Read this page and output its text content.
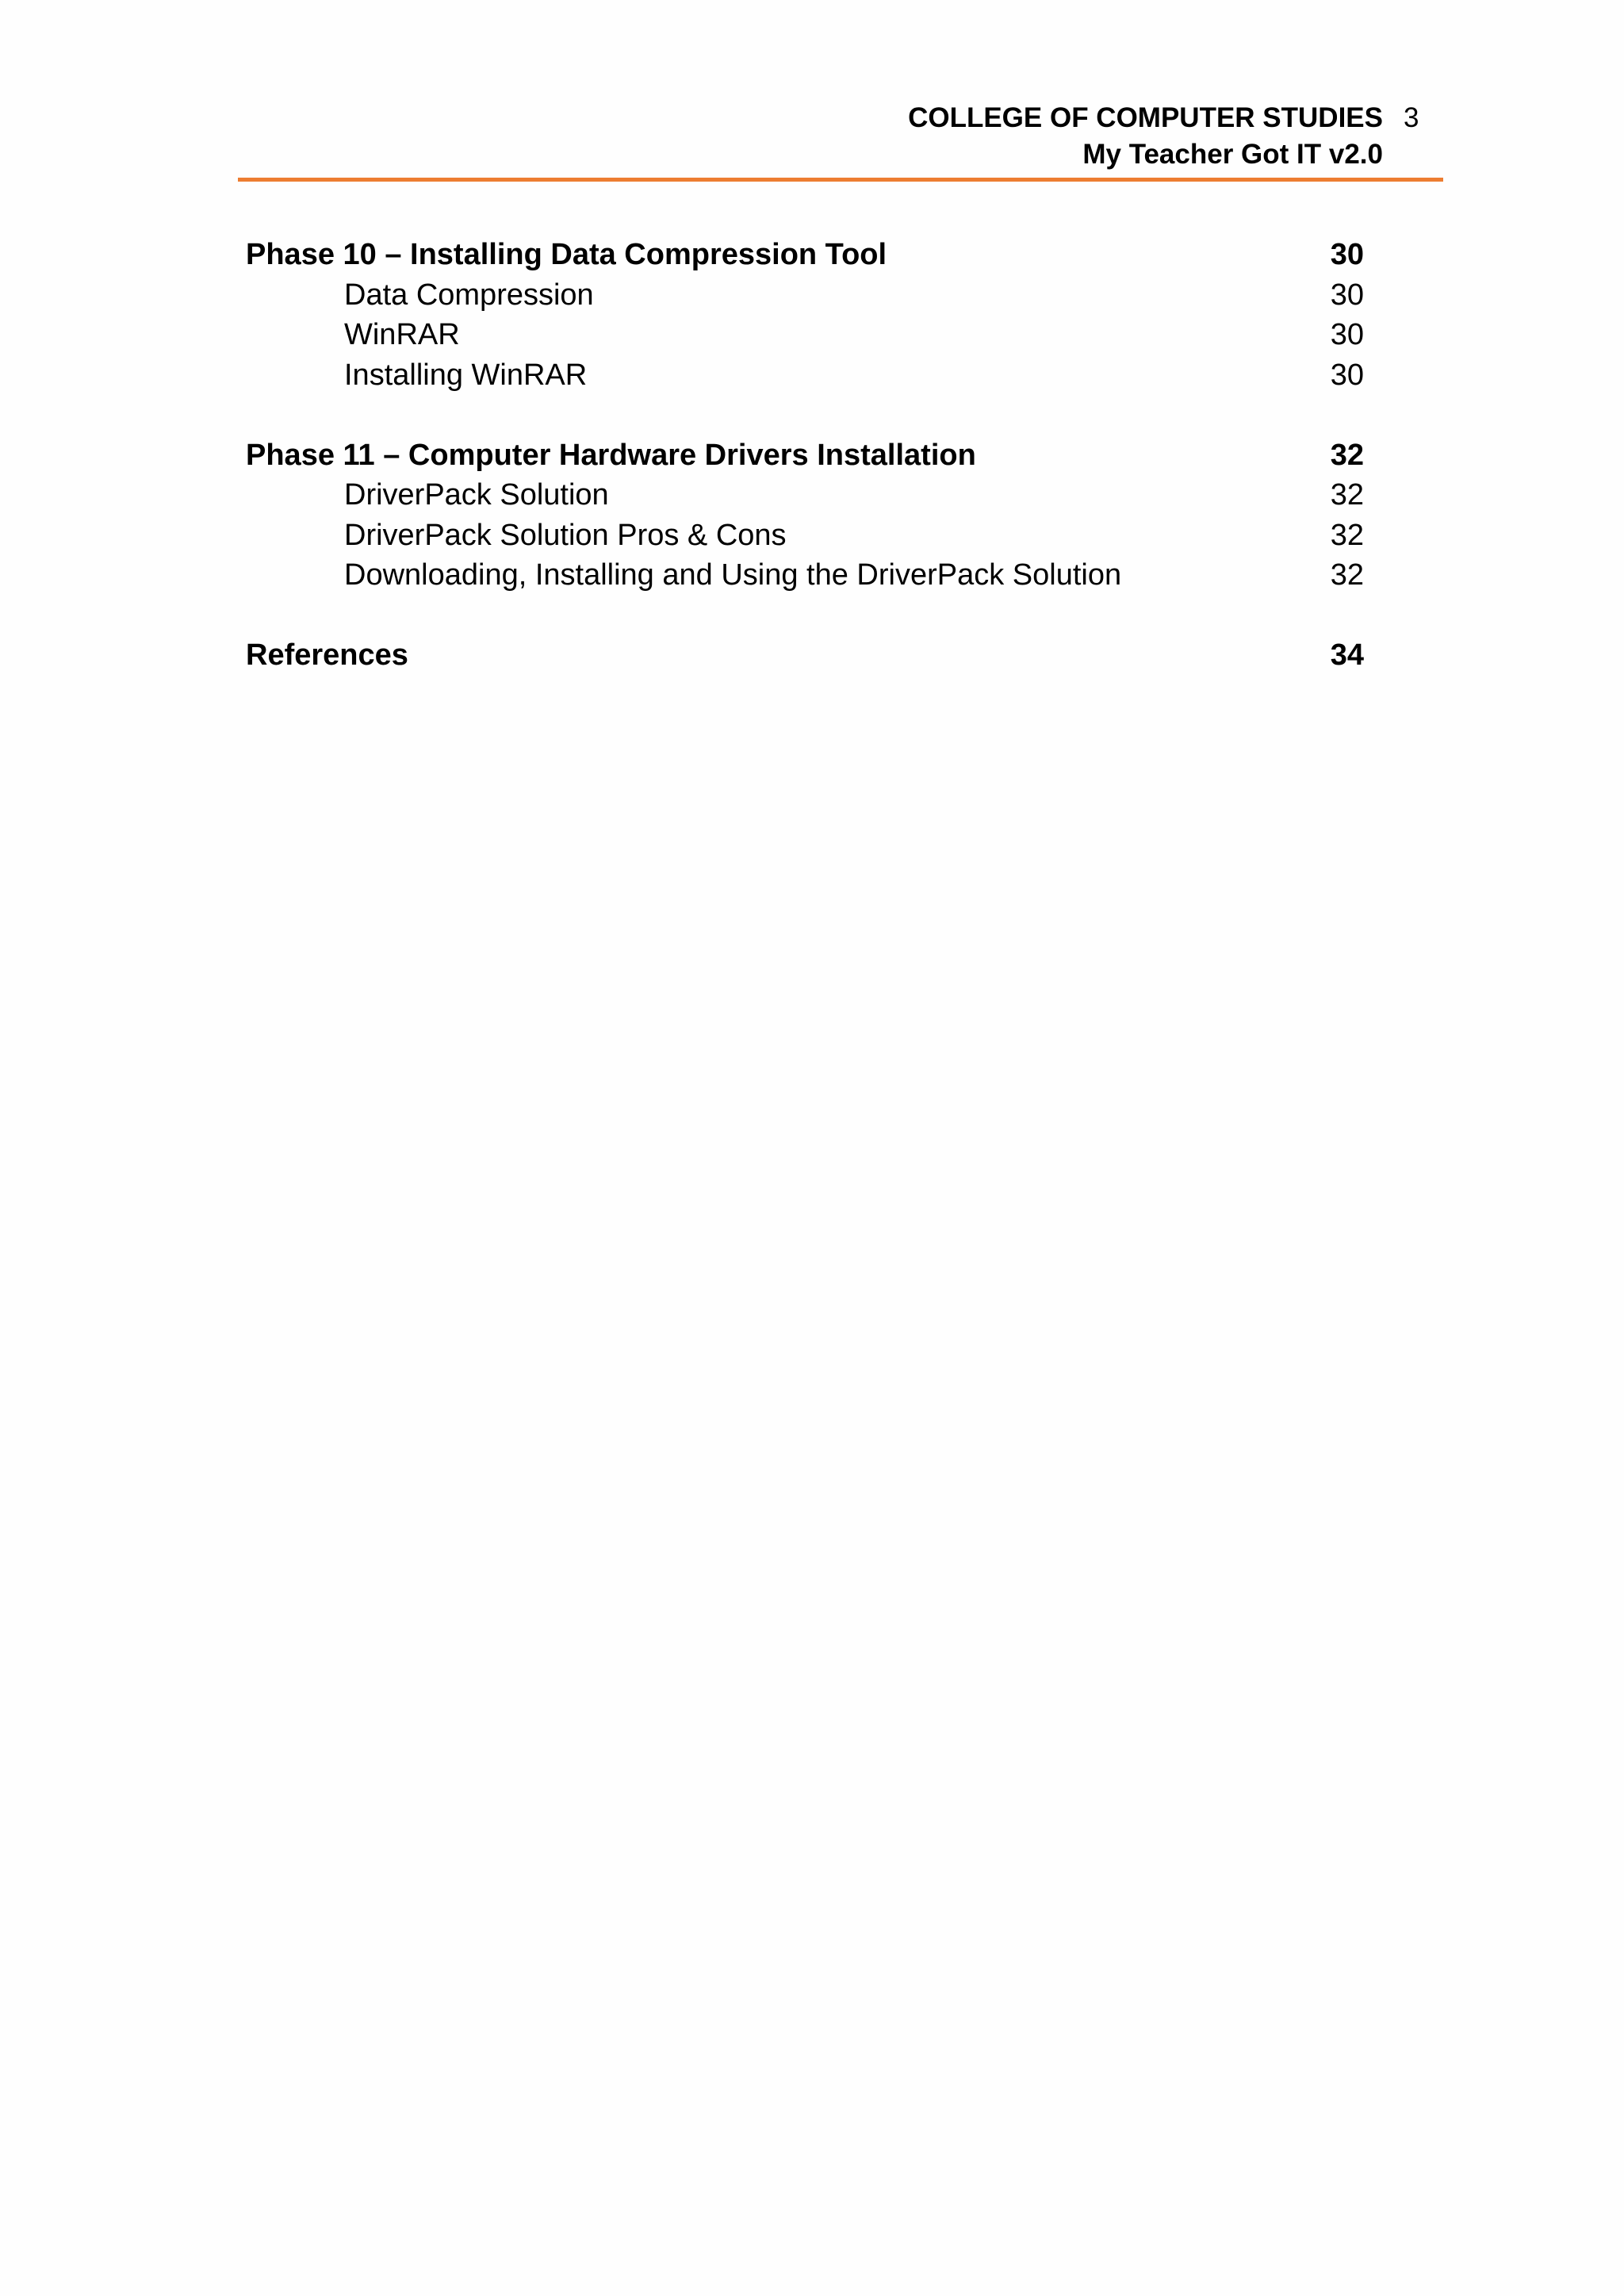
COLLEGE OF COMPUTER STUDIES
My Teacher Got IT v2.0
3
Phase 10 – Installing Data Compression Tool	30
Data Compression	30
WinRAR	30
Installing WinRAR	30
Phase 11 – Computer Hardware Drivers Installation	32
DriverPack Solution	32
DriverPack Solution Pros & Cons	32
Downloading, Installing and Using the DriverPack Solution	32
References	34
